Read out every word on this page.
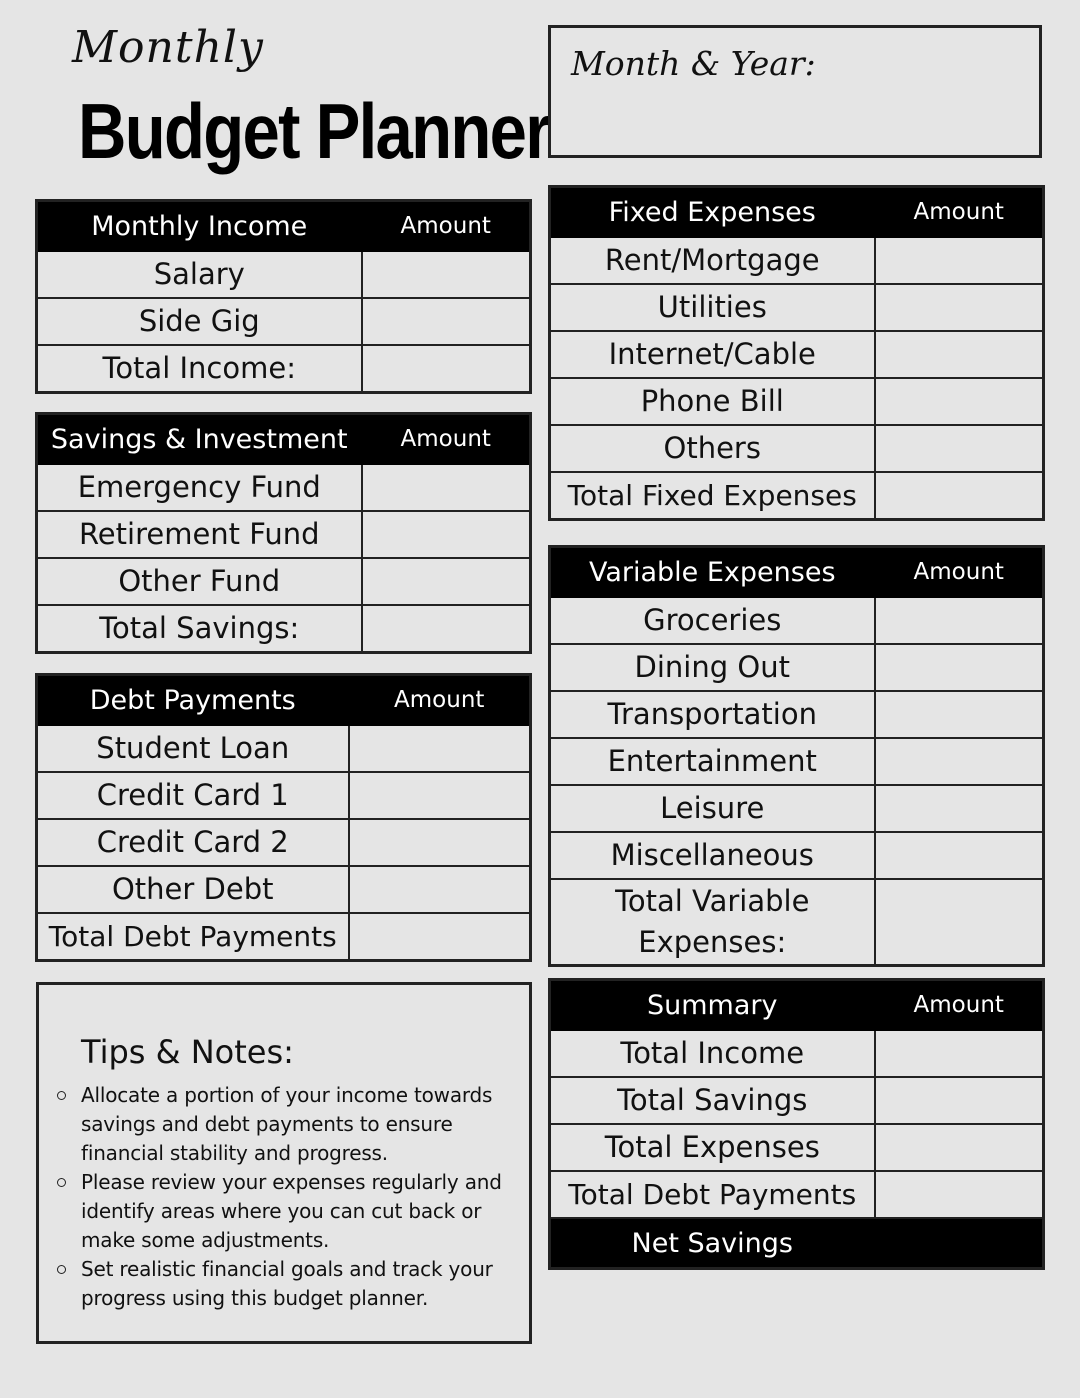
Monthly
Budget Planner
Month & Year:
Monthly Income	Amount
Salary	
Side Gig	
Total Income:	
Savings & Investment	Amount
Emergency Fund	
Retirement Fund	
Other Fund	
Total Savings:	
Debt Payments	Amount
Student Loan	
Credit Card 1	
Credit Card 2	
Other Debt	
Total Debt Payments	
Fixed Expenses	Amount
Rent/Mortgage	
Utilities	
Internet/Cable	
Phone Bill	
Others	
Total Fixed Expenses	
Variable Expenses	Amount
Groceries	
Dining Out	
Transportation	
Entertainment	
Leisure	
Miscellaneous	
Total Variable Expenses:	
Summary	Amount
Total Income	
Total Savings	
Total Expenses	
Total Debt Payments	
Net Savings	
Tips & Notes:
Allocate a portion of your income towards savings and debt payments to ensure financial stability and progress.
Please review your expenses regularly and identify areas where you can cut back or make some adjustments.
Set realistic financial goals and track your progress using this budget planner.
